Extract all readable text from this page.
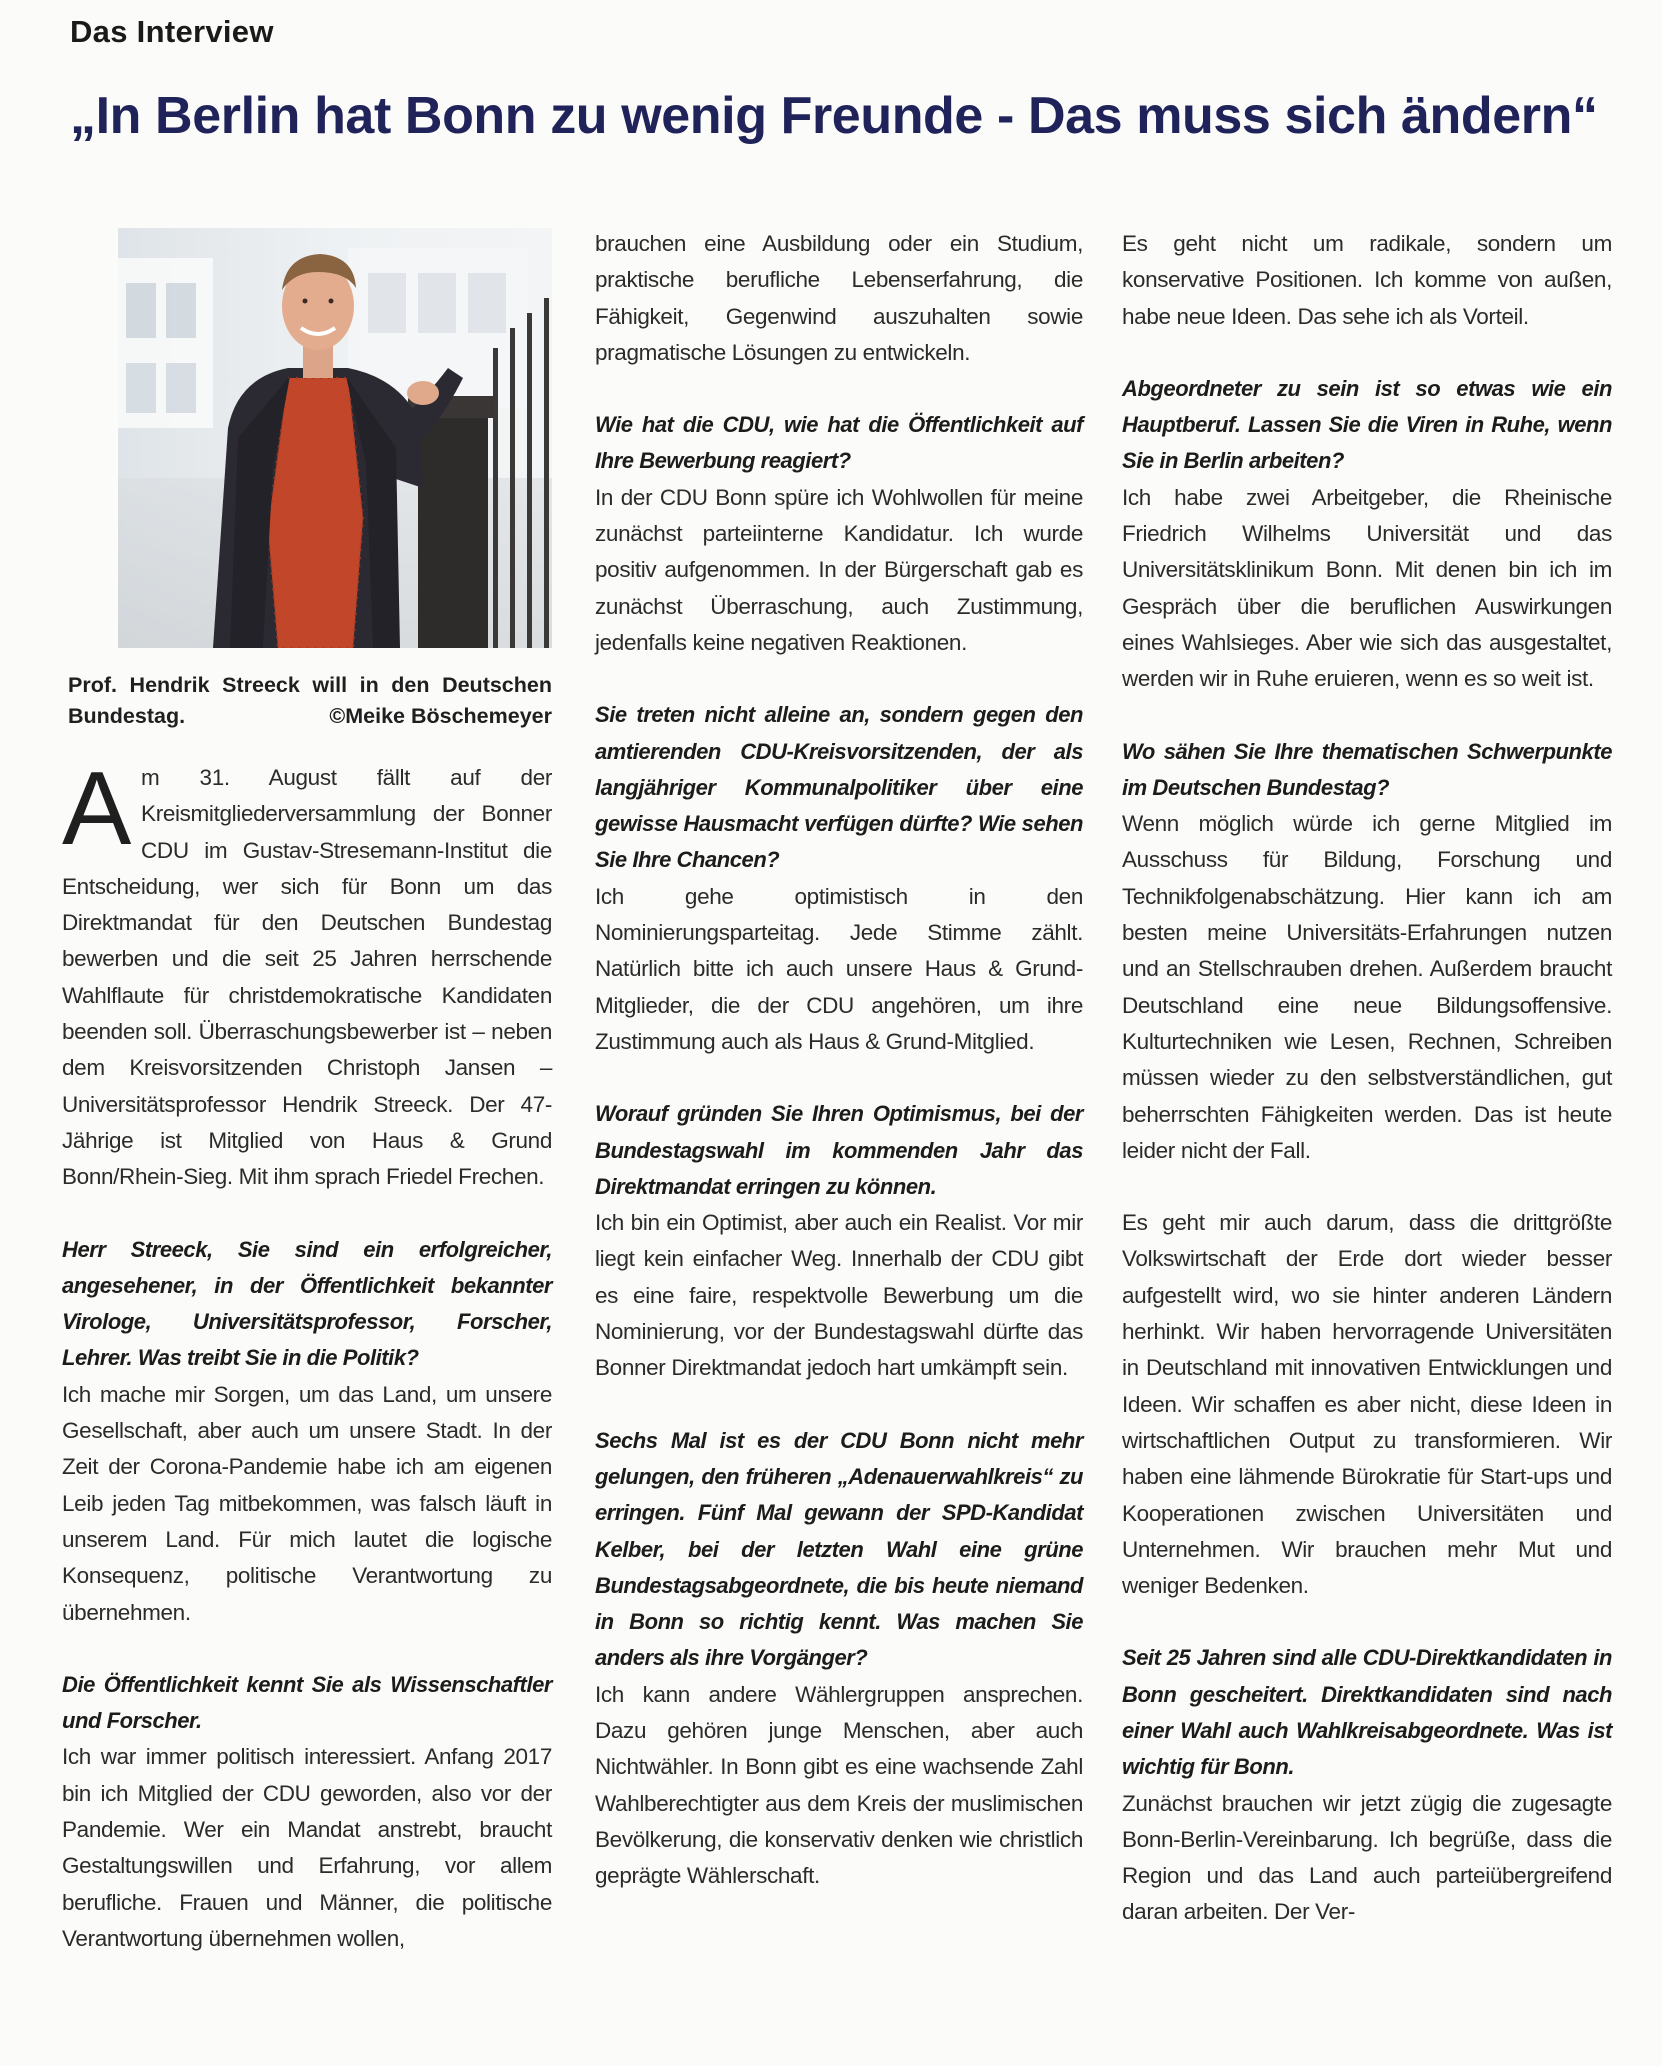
Das Interview
„In Berlin hat Bonn zu wenig Freunde - Das muss sich ändern“
Prof. Hendrik Streeck will in den Deutschen Bundestag.	©Meike Böschemeyer
Am 31. August fällt auf der Kreismitgliederversammlung der Bonner CDU im Gustav-Stresemann-Institut die Entscheidung, wer sich für Bonn um das Direktmandat für den Deutschen Bundestag bewerben und die seit 25 Jahren herrschende Wahlflaute für christdemokratische Kandidaten beenden soll. Überraschungsbewerber ist – neben dem Kreisvorsitzenden Christoph Jansen – Universitätsprofessor Hendrik Streeck. Der 47-Jährige ist Mitglied von Haus & Grund Bonn/Rhein-Sieg. Mit ihm sprach Friedel Frechen.
Herr Streeck, Sie sind ein erfolgreicher, angesehener, in der Öffentlichkeit bekannter Virologe, Universitätsprofessor, Forscher, Lehrer. Was treibt Sie in die Politik?
Ich mache mir Sorgen, um das Land, um unsere Gesellschaft, aber auch um unsere Stadt. In der Zeit der Corona-Pandemie habe ich am eigenen Leib jeden Tag mitbekommen, was falsch läuft in unserem Land. Für mich lautet die logische Konsequenz, politische Verantwortung zu übernehmen.
Die Öffentlichkeit kennt Sie als Wissenschaftler und Forscher.
Ich war immer politisch interessiert. Anfang 2017 bin ich Mitglied der CDU geworden, also vor der Pandemie. Wer ein Mandat anstrebt, braucht Gestaltungswillen und Erfahrung, vor allem berufliche. Frauen und Männer, die politische Verantwortung übernehmen wollen,
brauchen eine Ausbildung oder ein Studium, praktische berufliche Lebenserfahrung, die Fähigkeit, Gegenwind auszuhalten sowie pragmatische Lösungen zu entwickeln.
Wie hat die CDU, wie hat die Öffentlichkeit auf Ihre Bewerbung reagiert?
In der CDU Bonn spüre ich Wohlwollen für meine zunächst parteiinterne Kandidatur. Ich wurde positiv aufgenommen. In der Bürgerschaft gab es zunächst Überraschung, auch Zustimmung, jedenfalls keine negativen Reaktionen.
Sie treten nicht alleine an, sondern gegen den amtierenden CDU-Kreisvorsitzenden, der als langjähriger Kommunalpolitiker über eine gewisse Hausmacht verfügen dürfte? Wie sehen Sie Ihre Chancen?
Ich gehe optimistisch in den Nominierungsparteitag. Jede Stimme zählt. Natürlich bitte ich auch unsere Haus & Grund-Mitglieder, die der CDU angehören, um ihre Zustimmung auch als Haus & Grund-Mitglied.
Worauf gründen Sie Ihren Optimismus, bei der Bundestagswahl im kommenden Jahr das Direktmandat erringen zu können.
Ich bin ein Optimist, aber auch ein Realist. Vor mir liegt kein einfacher Weg. Innerhalb der CDU gibt es eine faire, respektvolle Bewerbung um die Nominierung, vor der Bundestagswahl dürfte das Bonner Direktmandat jedoch hart umkämpft sein.
Sechs Mal ist es der CDU Bonn nicht mehr gelungen, den früheren „Adenauerwahlkreis“ zu erringen. Fünf Mal gewann der SPD-Kandidat Kelber, bei der letzten Wahl eine grüne Bundestagsabgeordnete, die bis heute niemand in Bonn so richtig kennt. Was machen Sie anders als ihre Vorgänger?
Ich kann andere Wählergruppen ansprechen. Dazu gehören junge Menschen, aber auch Nichtwähler. In Bonn gibt es eine wachsende Zahl Wahlberechtigter aus dem Kreis der muslimischen Bevölkerung, die konservativ denken wie christlich geprägte Wählerschaft.
Es geht nicht um radikale, sondern um konservative Positionen. Ich komme von außen, habe neue Ideen. Das sehe ich als Vorteil.
Abgeordneter zu sein ist so etwas wie ein Hauptberuf. Lassen Sie die Viren in Ruhe, wenn Sie in Berlin arbeiten?
Ich habe zwei Arbeitgeber, die Rheinische Friedrich Wilhelms Universität und das Universitätsklinikum Bonn. Mit denen bin ich im Gespräch über die beruflichen Auswirkungen eines Wahlsieges. Aber wie sich das ausgestaltet, werden wir in Ruhe eruieren, wenn es so weit ist.
Wo sähen Sie Ihre thematischen Schwerpunkte im Deutschen Bundestag?
Wenn möglich würde ich gerne Mitglied im Ausschuss für Bildung, Forschung und Technikfolgenabschätzung. Hier kann ich am besten meine Universitäts-Erfahrungen nutzen und an Stellschrauben drehen. Außerdem braucht Deutschland eine neue Bildungsoffensive. Kulturtechniken wie Lesen, Rechnen, Schreiben müssen wieder zu den selbstverständlichen, gut beherrschten Fähigkeiten werden. Das ist heute leider nicht der Fall.
Es geht mir auch darum, dass die drittgrößte Volkswirtschaft der Erde dort wieder besser aufgestellt wird, wo sie hinter anderen Ländern herhinkt. Wir haben hervorragende Universitäten in Deutschland mit innovativen Entwicklungen und Ideen. Wir schaffen es aber nicht, diese Ideen in wirtschaftlichen Output zu transformieren. Wir haben eine lähmende Bürokratie für Start-ups und Kooperationen zwischen Universitäten und Unternehmen. Wir brauchen mehr Mut und weniger Bedenken.
Seit 25 Jahren sind alle CDU-Direktkandidaten in Bonn gescheitert. Direktkandidaten sind nach einer Wahl auch Wahlkreisabgeordnete. Was ist wichtig für Bonn.
Zunächst brauchen wir jetzt zügig die zugesagte Bonn-Berlin-Vereinbarung. Ich begrüße, dass die Region und das Land auch parteiübergreifend daran arbeiten. Der Ver-
